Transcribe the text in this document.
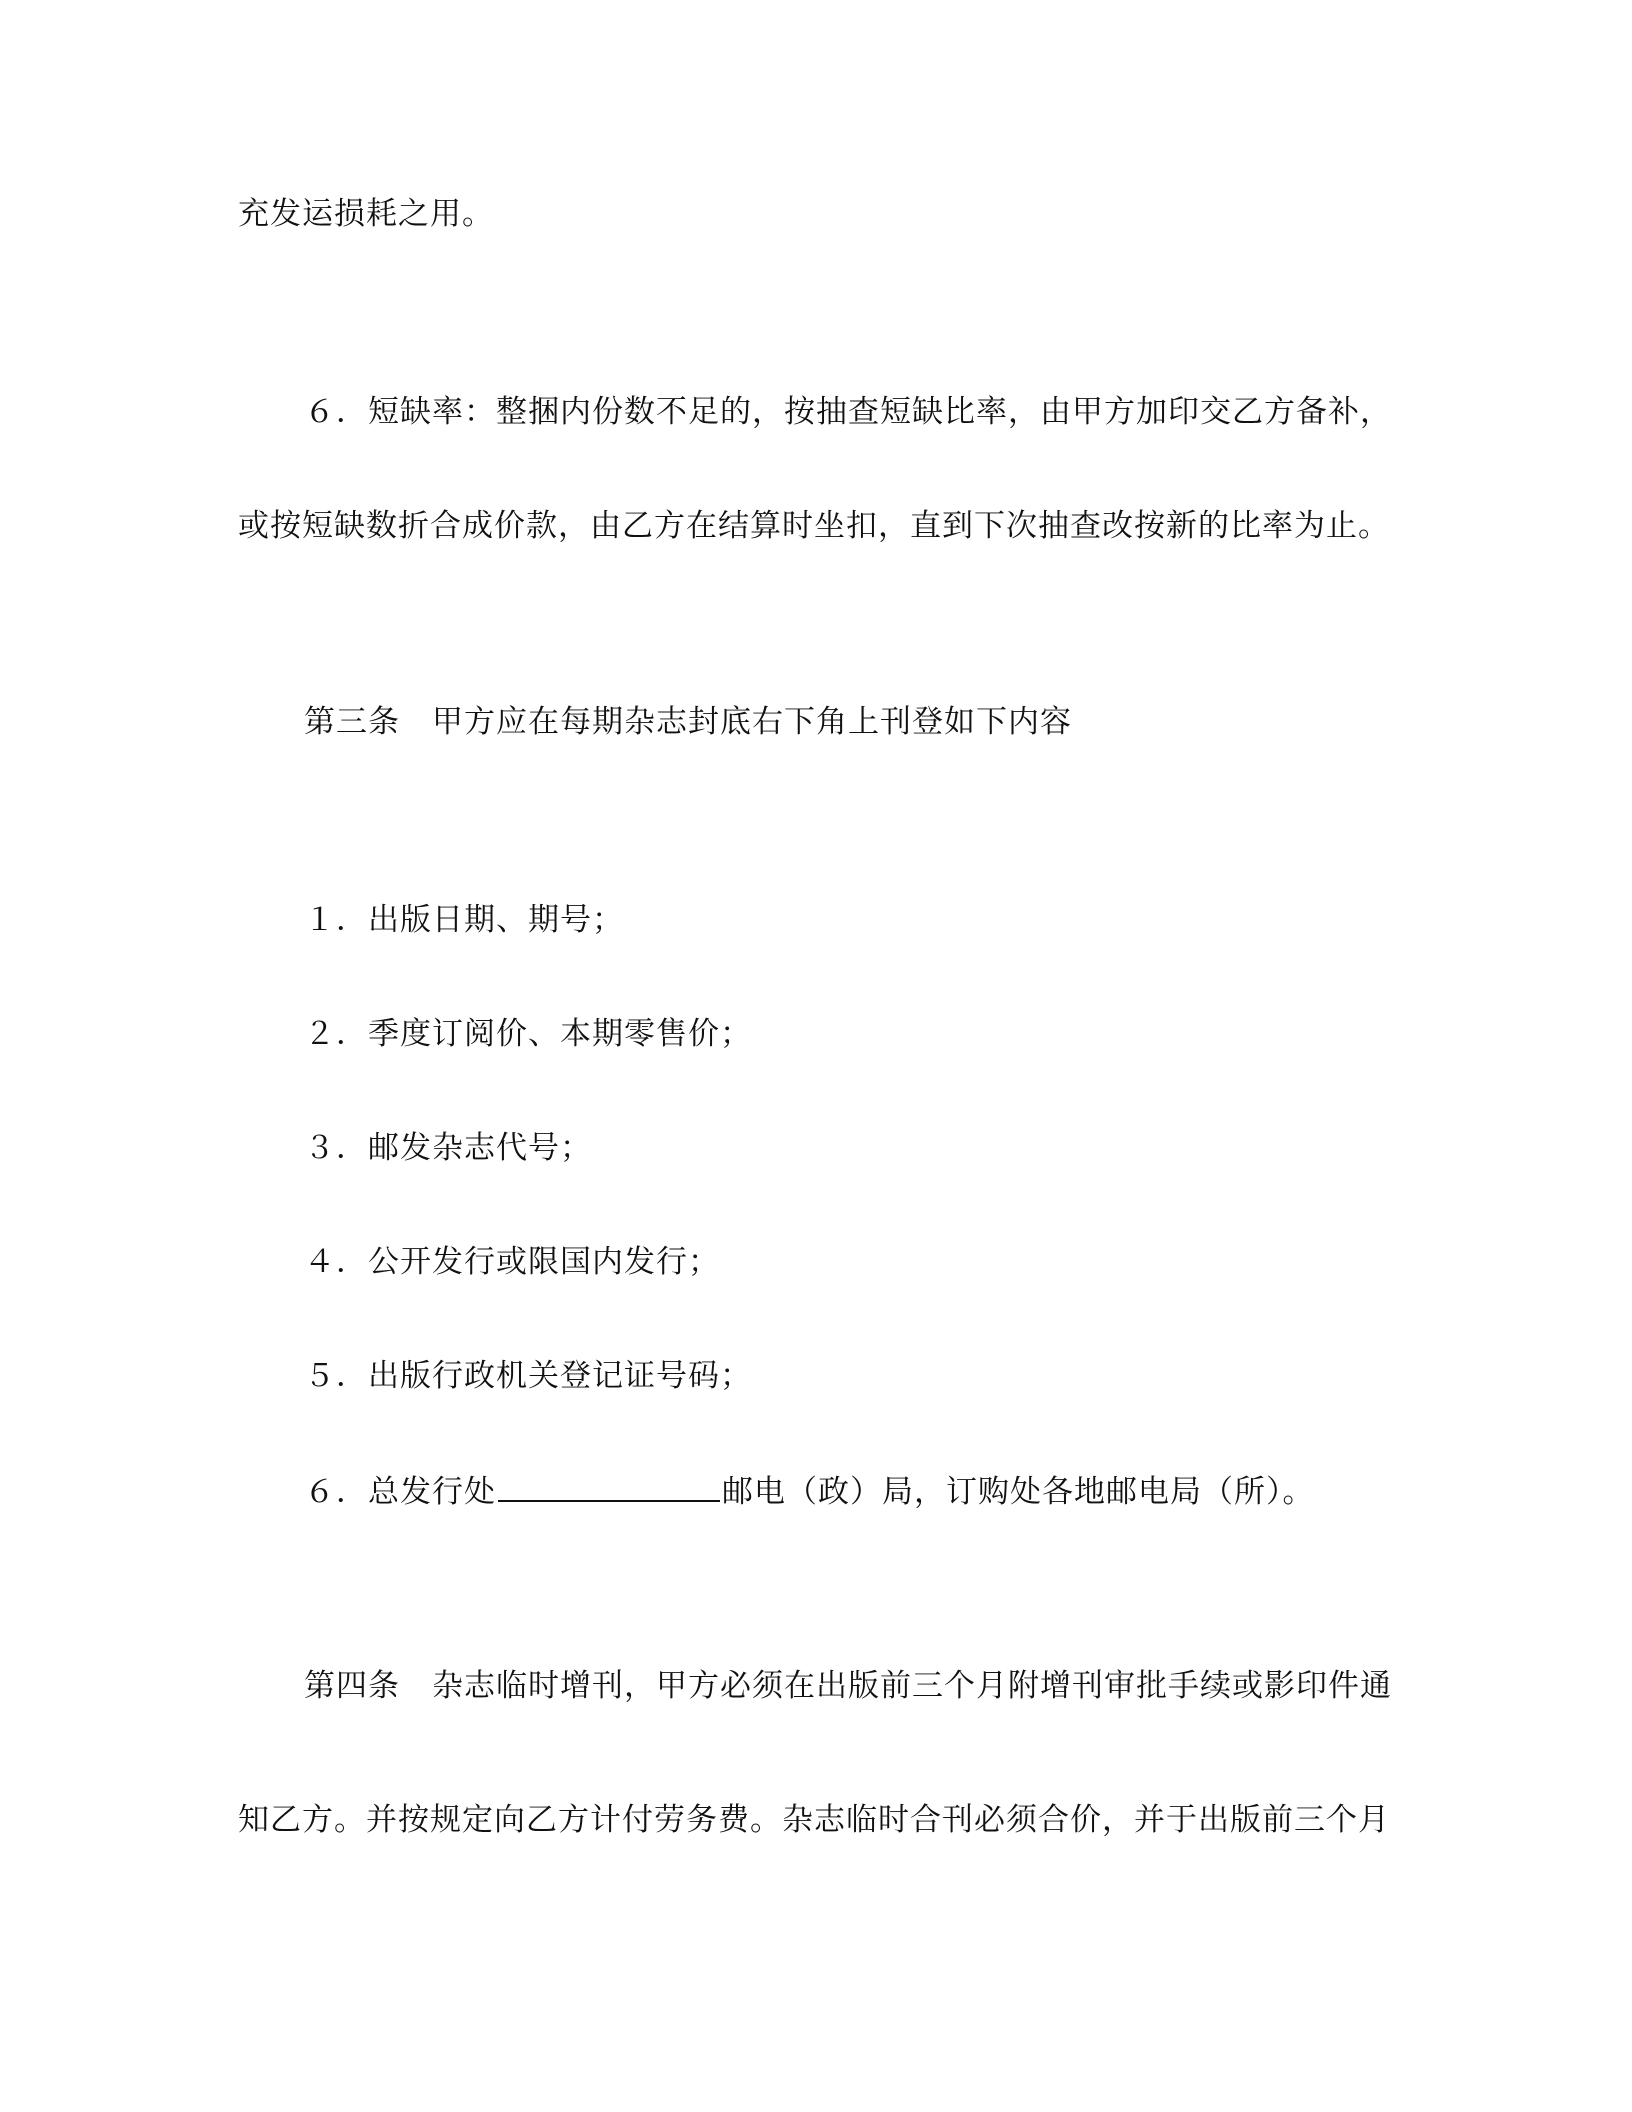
充发运损耗之用。
６．短缺率：整捆内份数不足的，按抽查短缺比率，由甲方加印交乙方备补，
或按短缺数折合成价款，由乙方在结算时坐扣，直到下次抽查改按新的比率为止。
第三条　甲方应在每期杂志封底右下角上刊登如下内容
１．出版日期、期号；
２．季度订阅价、本期零售价；
３．邮发杂志代号；
４．公开发行或限国内发行；
５．出版行政机关登记证号码；
６．总发行处	邮电（政）局，订购处各地邮电局（所）。
第四条　杂志临时增刊，甲方必须在出版前三个月附增刊审批手续或影印件通
知乙方。并按规定向乙方计付劳务费。杂志临时合刊必须合价，并于出版前三个月
